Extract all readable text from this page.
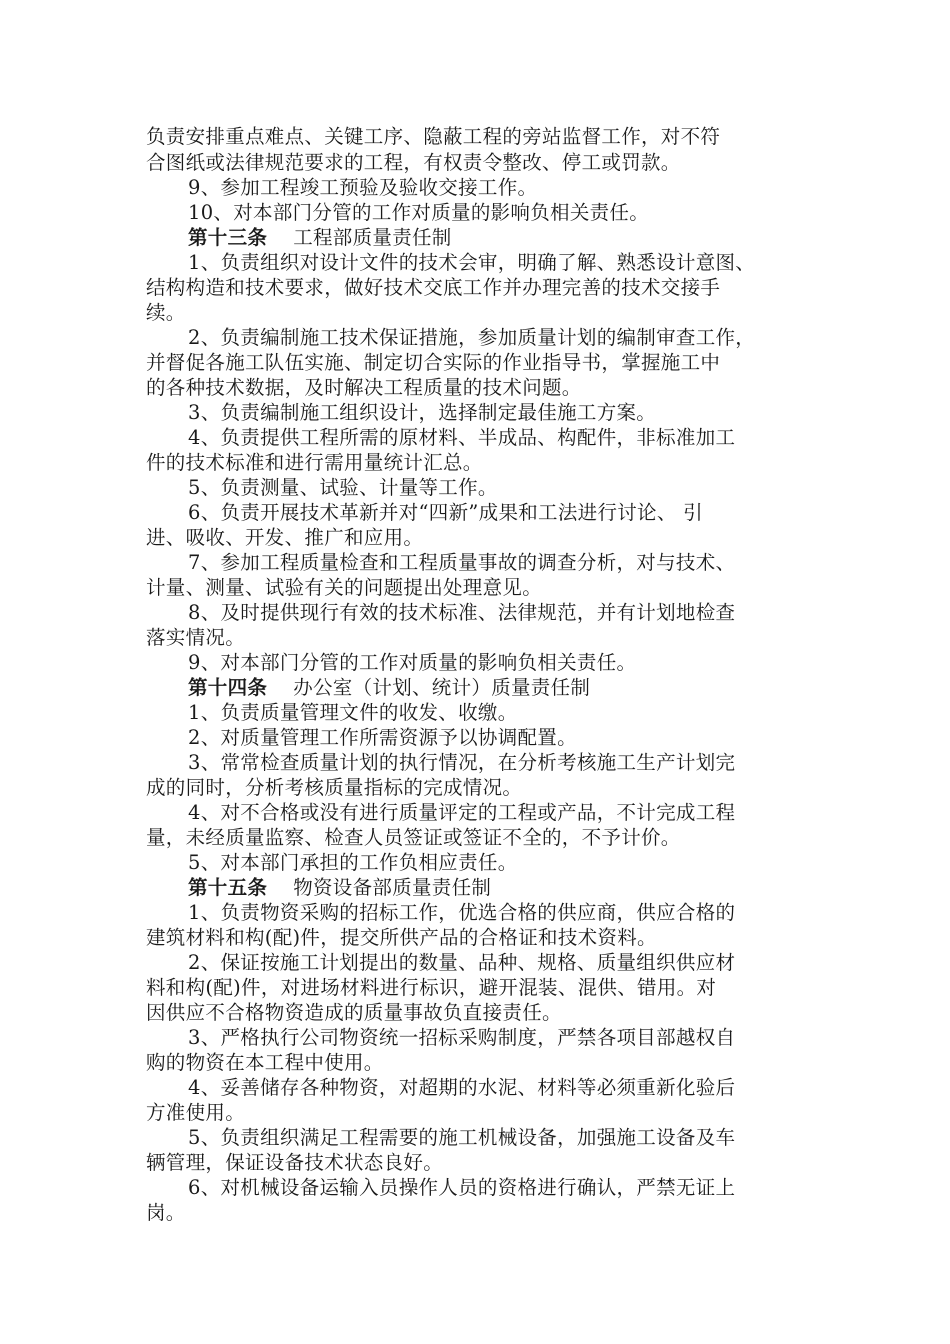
负责安排重点难点、关键工序、隐蔽工程的旁站监督工作，对不符
合图纸或法律规范要求的工程，有权责令整改、停工或罚款。
9、参加工程竣工预验及验收交接工作。
10、对本部门分管的工作对质量的影响负相关责任。
第十三条 工程部质量责任制
1、负责组织对设计文件的技术会审，明确了解、熟悉设计意图、
结构构造和技术要求，做好技术交底工作并办理完善的技术交接手
续。
2、负责编制施工技术保证措施，参加质量计划的编制审查工作，
并督促各施工队伍实施、制定切合实际的作业指导书，掌握施工中
的各种技术数据，及时解决工程质量的技术问题。
3、负责编制施工组织设计，选择制定最佳施工方案。
4、负责提供工程所需的原材料、半成品、构配件，非标准加工
件的技术标准和进行需用量统计汇总。
5、负责测量、试验、计量等工作。
6、负责开展技术革新并对“四新”成果和工法进行讨论、 引
进、吸收、开发、推广和应用。
7、参加工程质量检查和工程质量事故的调查分析，对与技术、
计量、测量、试验有关的问题提出处理意见。
8、及时提供现行有效的技术标准、法律规范，并有计划地检查
落实情况。
9、对本部门分管的工作对质量的影响负相关责任。
第十四条 办公室（计划、统计）质量责任制
1、负责质量管理文件的收发、收缴。
2、对质量管理工作所需资源予以协调配置。
3、常常检查质量计划的执行情况，在分析考核施工生产计划完
成的同时，分析考核质量指标的完成情况。
4、对不合格或没有进行质量评定的工程或产品，不计完成工程
量，未经质量监察、检查人员签证或签证不全的，不予计价。
5、对本部门承担的工作负相应责任。
第十五条 物资设备部质量责任制
1、负责物资采购的招标工作，优选合格的供应商，供应合格的
建筑材料和构(配)件，提交所供产品的合格证和技术资料。
2、保证按施工计划提出的数量、品种、规格、质量组织供应材
料和构(配)件，对进场材料进行标识，避开混装、混供、错用。对
因供应不合格物资造成的质量事故负直接责任。
3、严格执行公司物资统一招标采购制度，严禁各项目部越权自
购的物资在本工程中使用。
4、妥善储存各种物资，对超期的水泥、材料等必须重新化验后
方准使用。
5、负责组织满足工程需要的施工机械设备，加强施工设备及车
辆管理，保证设备技术状态良好。
6、对机械设备运输入员操作人员的资格进行确认，严禁无证上
岗。
